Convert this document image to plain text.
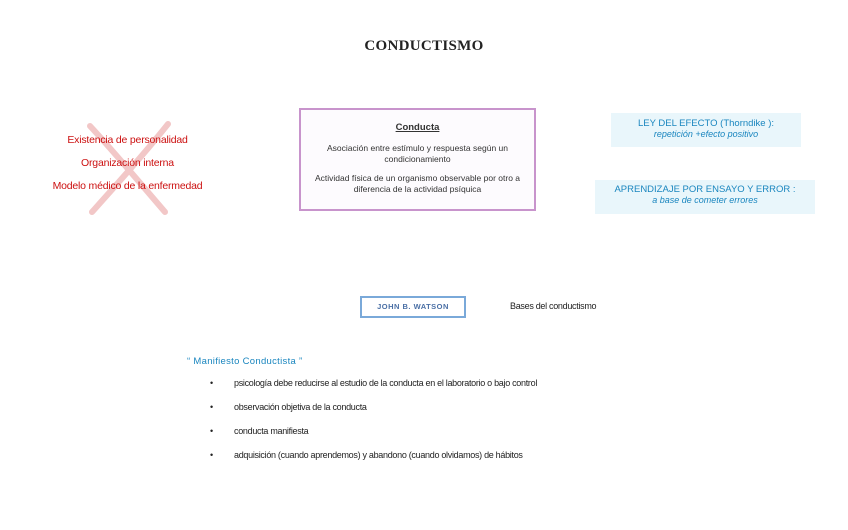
CONDUCTISMO
Existencia de personalidad
Organización interna
Modelo médico de la enfermedad
Conducta
Asociación entre estímulo y respuesta según un condicionamiento
Actividad física de un organismo observable por otro a diferencia de la actividad psíquica
LEY DEL EFECTO (Thorndike ):
repetición +efecto positivo
APRENDIZAJE POR ENSAYO Y ERROR :
a base de cometer errores
JOHN B. WATSON	Bases del conductismo
“ Manifiesto Conductista ”
• psicología debe reducirse al estudio de la conducta en el laboratorio o bajo control
• observación objetiva de la conducta
• conducta manifiesta
• adquisición (cuando aprendemos) y abandono (cuando olvidamos) de hábitos
